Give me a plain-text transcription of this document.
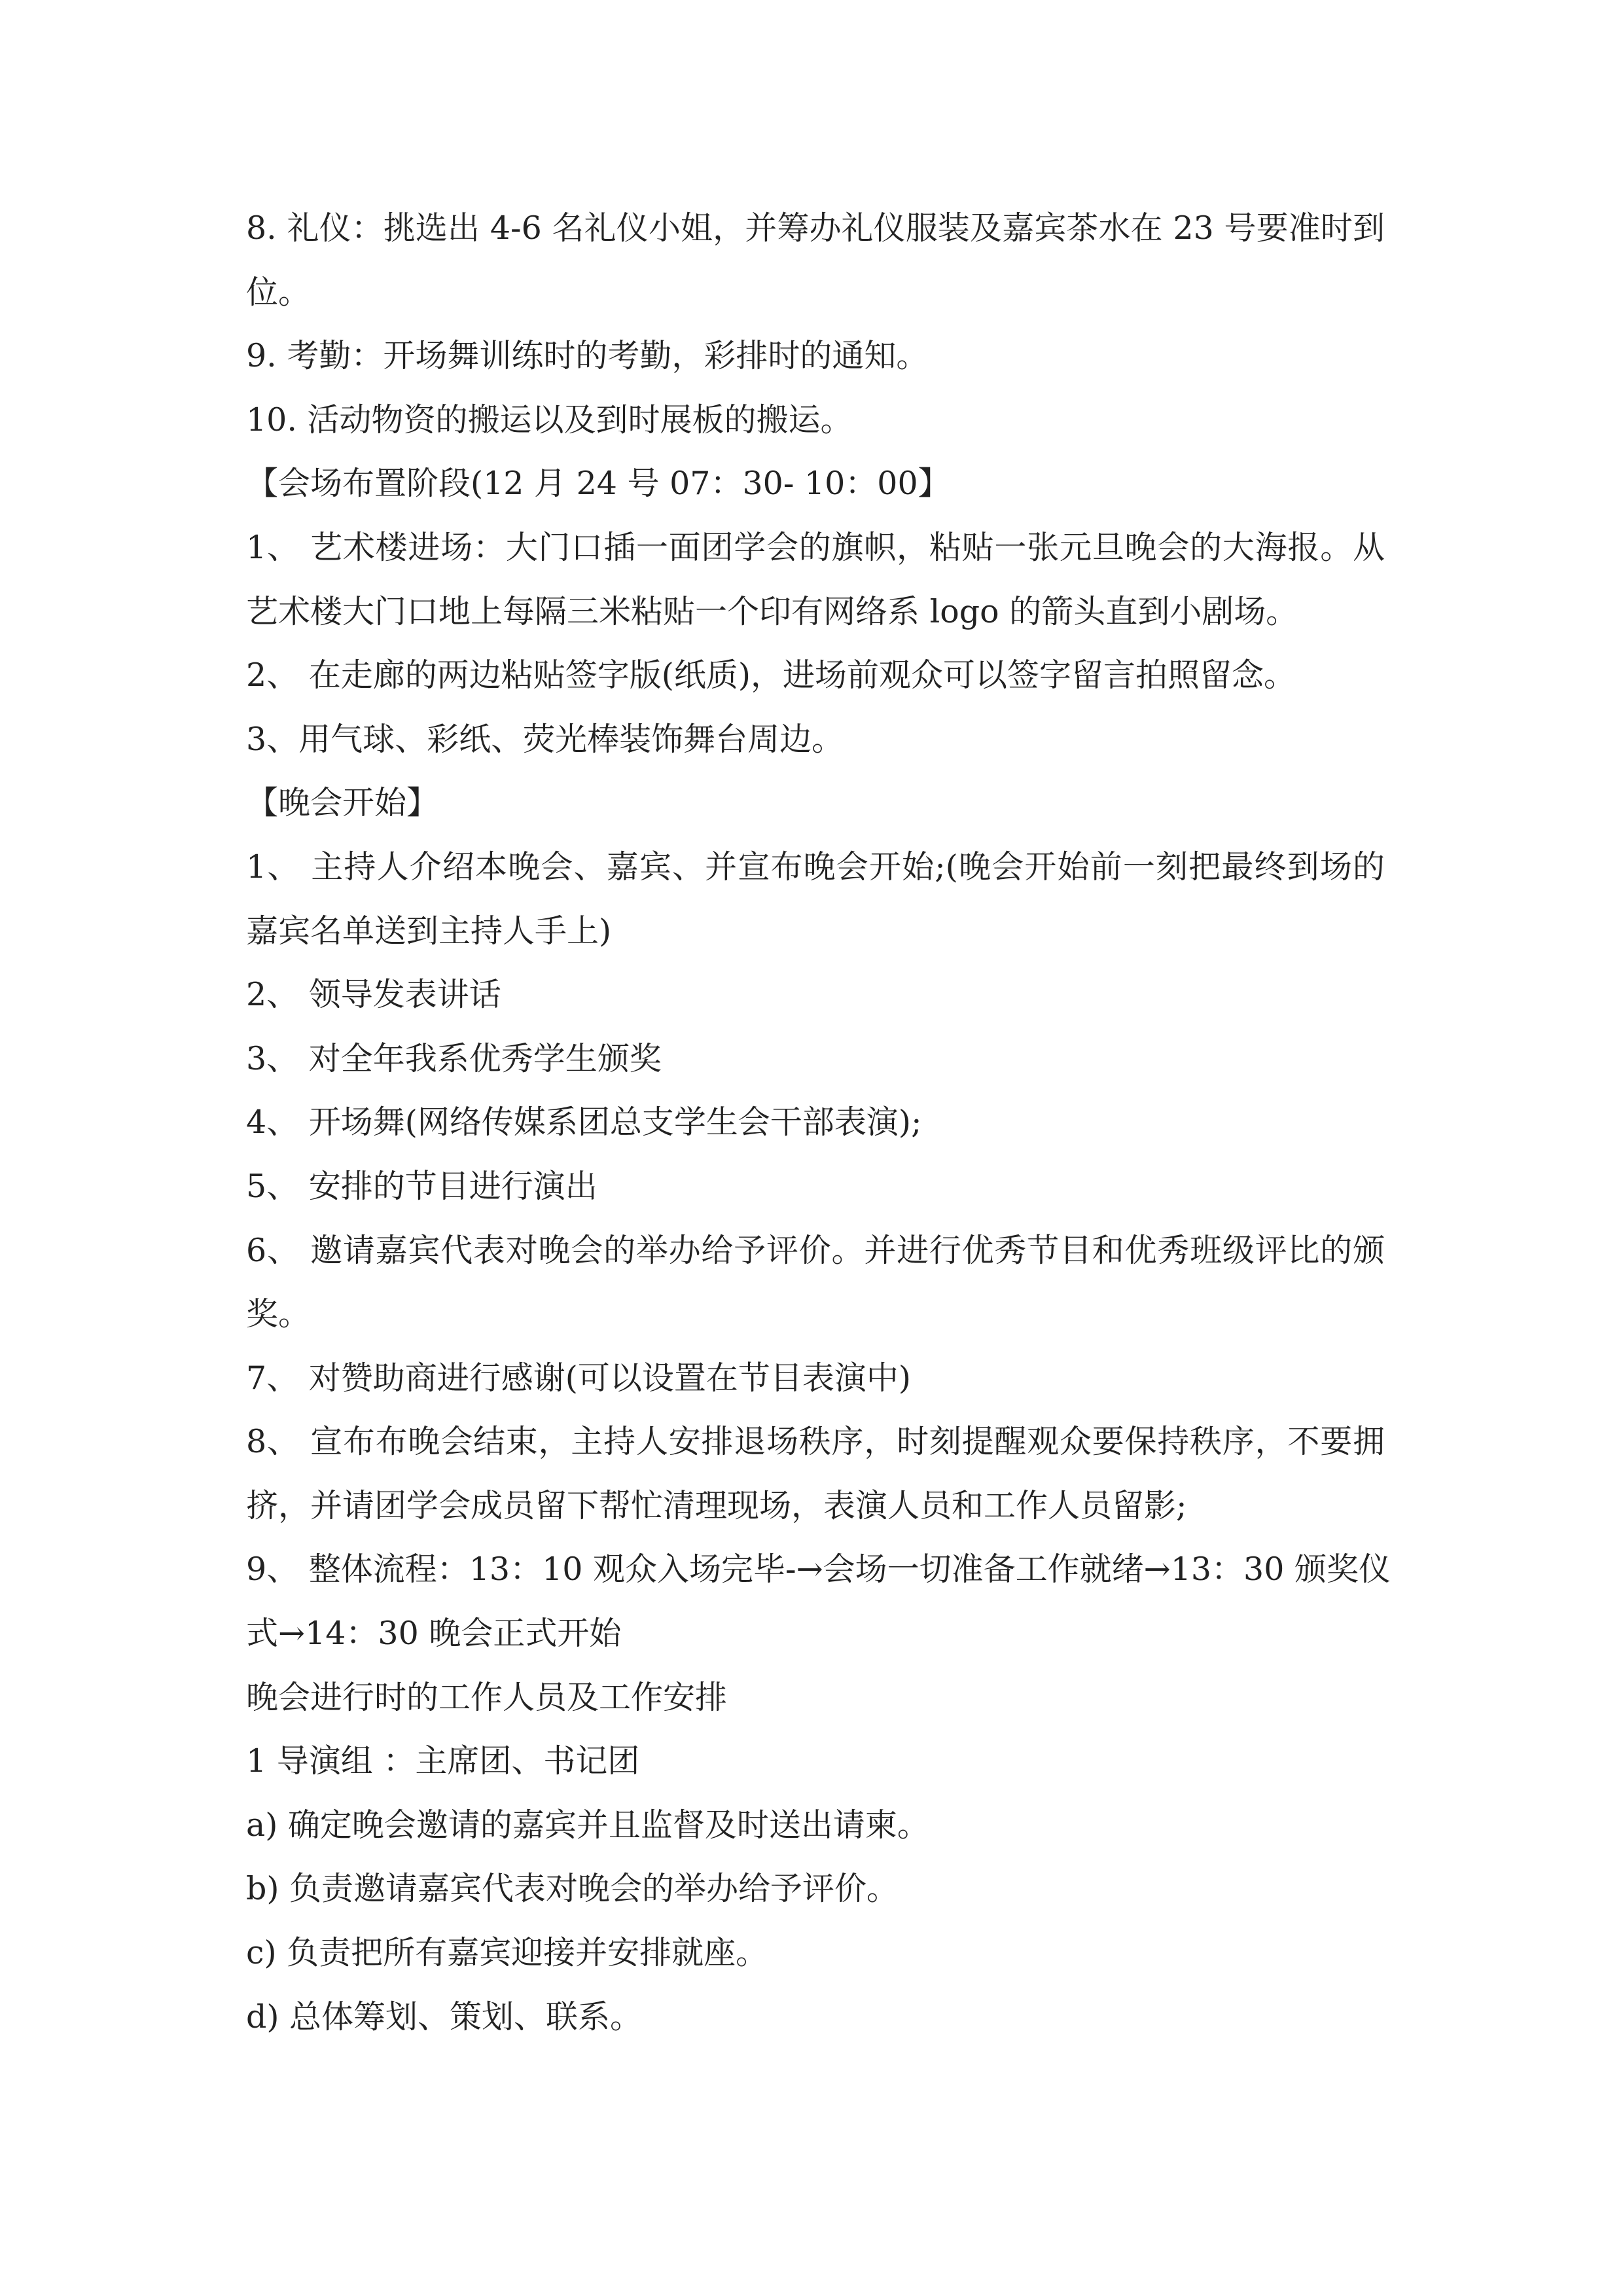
8. 礼仪：挑选出 4-6 名礼仪小姐，并筹办礼仪服装及嘉宾茶水在 23 号要准时到
位。
9. 考勤：开场舞训练时的考勤，彩排时的通知。
10. 活动物资的搬运以及到时展板的搬运。
【会场布置阶段(12 月 24 号 07：30- 10：00】
1、 艺术楼进场：大门口插一面团学会的旗帜，粘贴一张元旦晚会的大海报。从
艺术楼大门口地上每隔三米粘贴一个印有网络系 logo 的箭头直到小剧场。
2、 在走廊的两边粘贴签字版(纸质)，进场前观众可以签字留言拍照留念。
3、用气球、彩纸、荧光棒装饰舞台周边。
【晚会开始】
1、 主持人介绍本晚会、嘉宾、并宣布晚会开始;(晚会开始前一刻把最终到场的
嘉宾名单送到主持人手上)
2、 领导发表讲话
3、 对全年我系优秀学生颁奖
4、 开场舞(网络传媒系团总支学生会干部表演);
5、 安排的节目进行演出
6、 邀请嘉宾代表对晚会的举办给予评价。并进行优秀节目和优秀班级评比的颁
奖。
7、 对赞助商进行感谢(可以设置在节目表演中)
8、 宣布布晚会结束，主持人安排退场秩序，时刻提醒观众要保持秩序，不要拥
挤，并请团学会成员留下帮忙清理现场，表演人员和工作人员留影;
9、 整体流程：13：10 观众入场完毕-→会场一切准备工作就绪→13：30 颁奖仪
式→14：30 晚会正式开始
晚会进行时的工作人员及工作安排
1 导演组 ：主席团、书记团
a) 确定晚会邀请的嘉宾并且监督及时送出请柬。
b) 负责邀请嘉宾代表对晚会的举办给予评价。
c) 负责把所有嘉宾迎接并安排就座。
d) 总体筹划、策划、联系。
